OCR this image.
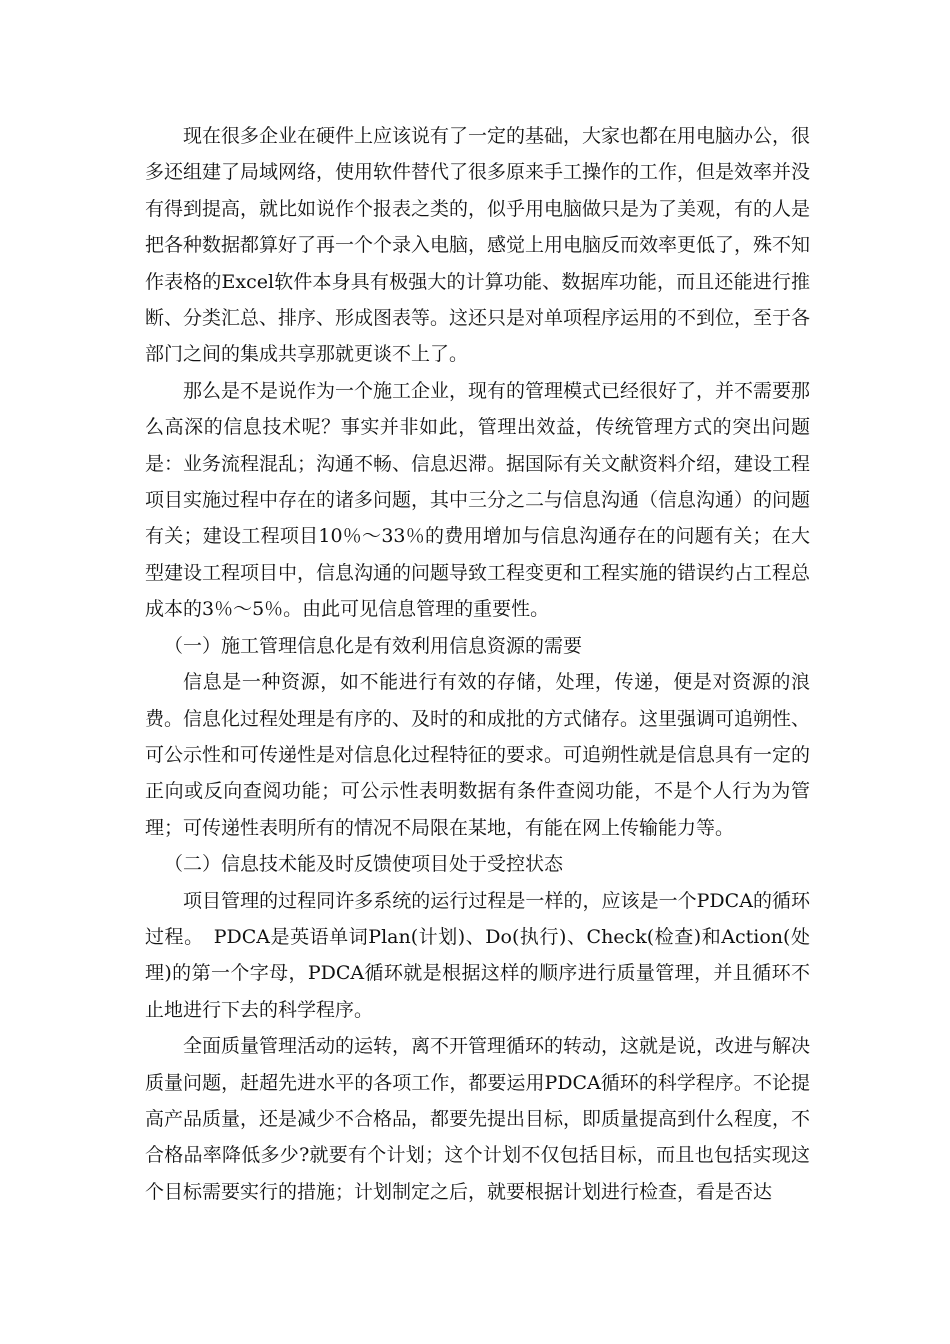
现在很多企业在硬件上应该说有了一定的基础，大家也都在用电脑办公，很多还组建了局域网络，使用软件替代了很多原来手工操作的工作，但是效率并没有得到提高，就比如说作个报表之类的，似乎用电脑做只是为了美观，有的人是把各种数据都算好了再一个个录入电脑，感觉上用电脑反而效率更低了，殊不知作表格的Excel软件本身具有极强大的计算功能、数据库功能，而且还能进行推断、分类汇总、排序、形成图表等。这还只是对单项程序运用的不到位，至于各部门之间的集成共享那就更谈不上了。

那么是不是说作为一个施工企业，现有的管理模式已经很好了，并不需要那么高深的信息技术呢？事实并非如此，管理出效益，传统管理方式的突出问题是：业务流程混乱；沟通不畅、信息迟滞。据国际有关文献资料介绍，建设工程项目实施过程中存在的诸多问题，其中三分之二与信息沟通（信息沟通）的问题有关；建设工程项目10％～33％的费用增加与信息沟通存在的问题有关；在大型建设工程项目中，信息沟通的问题导致工程变更和工程实施的错误约占工程总成本的3％～5％。由此可见信息管理的重要性。

（一）施工管理信息化是有效利用信息资源的需要

信息是一种资源，如不能进行有效的存储，处理，传递，便是对资源的浪费。信息化过程处理是有序的、及时的和成批的方式储存。这里强调可追朔性、可公示性和可传递性是对信息化过程特征的要求。可追朔性就是信息具有一定的正向或反向查阅功能；可公示性表明数据有条件查阅功能，不是个人行为为管理；可传递性表明所有的情况不局限在某地，有能在网上传输能力等。

（二）信息技术能及时反馈使项目处于受控状态

项目管理的过程同许多系统的运行过程是一样的，应该是一个PDCA的循环过程。　PDCA是英语单词Plan(计划)、Do(执行)、Check(检查)和Action(处理)的第一个字母，PDCA循环就是根据这样的顺序进行质量管理，并且循环不止地进行下去的科学程序。

全面质量管理活动的运转，离不开管理循环的转动，这就是说，改进与解决质量问题，赶超先进水平的各项工作，都要运用PDCA循环的科学程序。不论提高产品质量，还是减少不合格品，都要先提出目标，即质量提高到什么程度，不合格品率降低多少?就要有个计划；这个计划不仅包括目标，而且也包括实现这个目标需要实行的措施；计划制定之后，就要根据计划进行检查，看是否达
